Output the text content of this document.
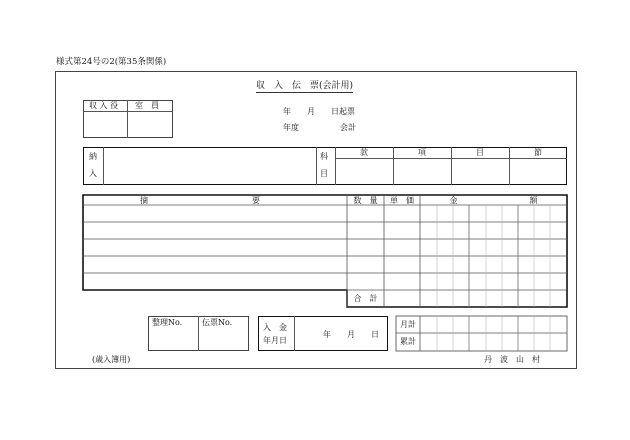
様式第24号の2(第35条関係)
収　入　伝　票(会計用)
収 入 役 室　員
年　　月　　日起票
年度	会計
納
入
科
目
款	項	目	節
摘　　　　　　　　　　　　　要	数　量	単　価	金　　　　　　　　　額
合　計
整理No. 伝票No.
入　金
年月日
年　　月　　日
月計
累計
(歳入簿用)	丹　波　山　村
